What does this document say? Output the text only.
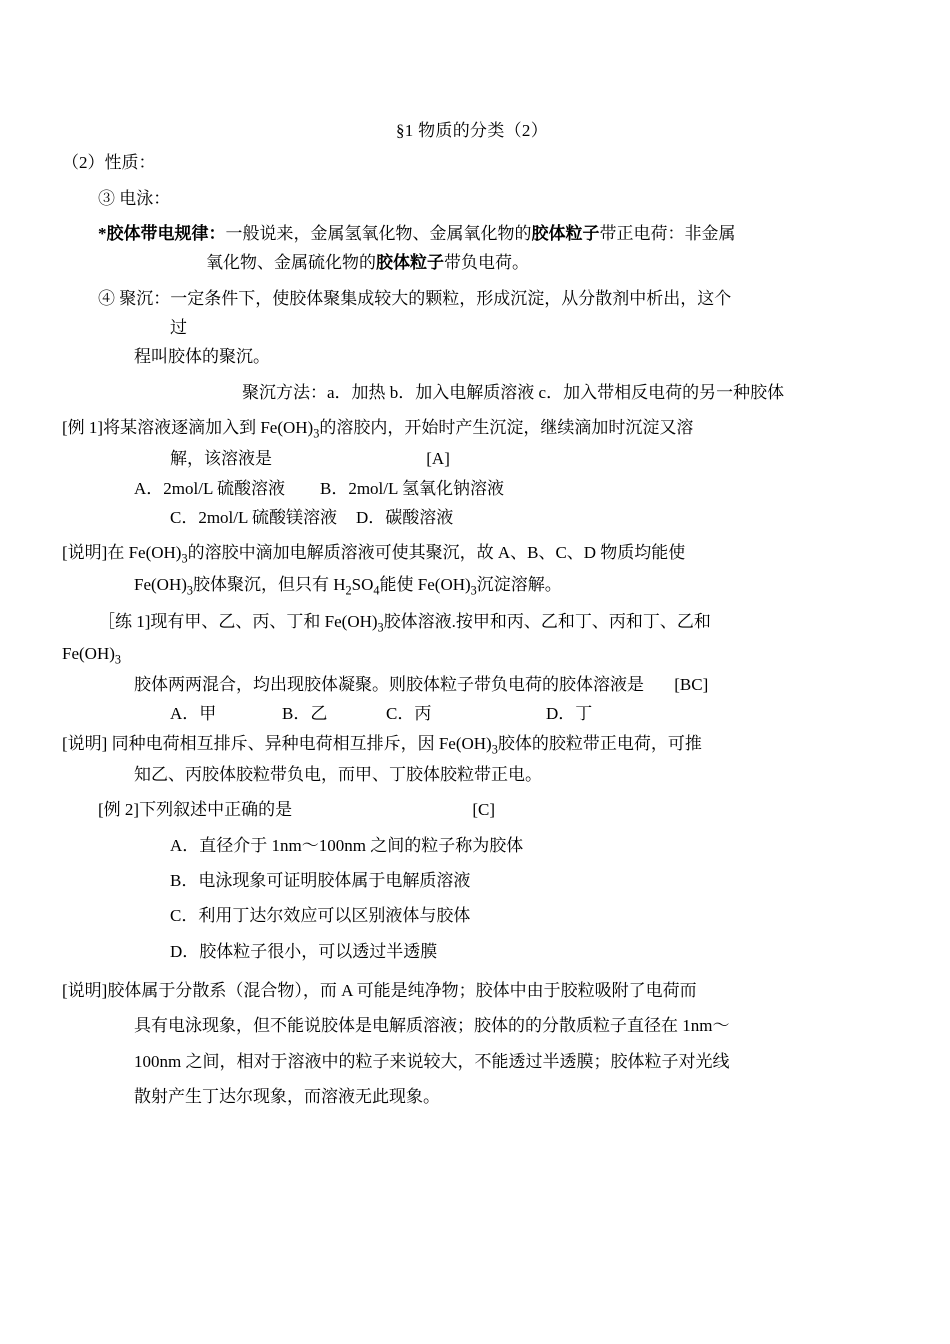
§1 物质的分类（2）

（2）性质：

③ 电泳：

*胶体带电规律：一般说来，金属氢氧化物、金属氧化物的胶体粒子带正电荷：非金属

氧化物、金属硫化物的胶体粒子带负电荷。

④ 聚沉：一定条件下，使胶体聚集成较大的颗粒，形成沉淀，从分散剂中析出，这个

过

程叫胶体的聚沉。

聚沉方法：a．加热 b．加入电解质溶液 c．加入带相反电荷的另一种胶体

[例 1]将某溶液逐滴加入到 $Fe(OH)_3$的溶胶内，开始时产生沉淀，继续滴加时沉淀又溶

解，该溶液是	[A]

A．2mol/L 硫酸溶液 B．2mol/L 氢氧化钠溶液

C．2mol/L 硫酸镁溶液 D．碳酸溶液

[说明]在 $Fe(OH)_3$的溶胶中滴加电解质溶液可使其聚沉，故 A、B、C、D 物质均能使

$Fe(OH)_3$胶体聚沉，但只有 $H_2SO_4$能使 $Fe(OH)_3$沉淀溶解。

［练 1]现有甲、乙、丙、丁和 $Fe(OH)_3$胶体溶液.按甲和丙、乙和丁、丙和丁、乙和

$Fe(OH)_3$

胶体两两混合，均出现胶体凝聚。则胶体粒子带负电荷的胶体溶液是 [BC]

A．甲	B．乙	C．丙	D．丁

[说明] 同种电荷相互排斥、异种电荷相互排斥，因 $Fe(OH)_3$胶体的胶粒带正电荷，可推

知乙、丙胶体胶粒带负电，而甲、丁胶体胶粒带正电。

[例 2]下列叙述中正确的是	[C]

A．直径介于 1nm～100nm 之间的粒子称为胶体

B．电泳现象可证明胶体属于电解质溶液

C．利用丁达尔效应可以区别液体与胶体

D．胶体粒子很小，可以透过半透膜

[说明]胶体属于分散系（混合物），而 A 可能是纯净物；胶体中由于胶粒吸附了电荷而

具有电泳现象，但不能说胶体是电解质溶液；胶体的的分散质粒子直径在 1nm～

100nm 之间，相对于溶液中的粒子来说较大，不能透过半透膜；胶体粒子对光线

散射产生丁达尔现象，而溶液无此现象。
